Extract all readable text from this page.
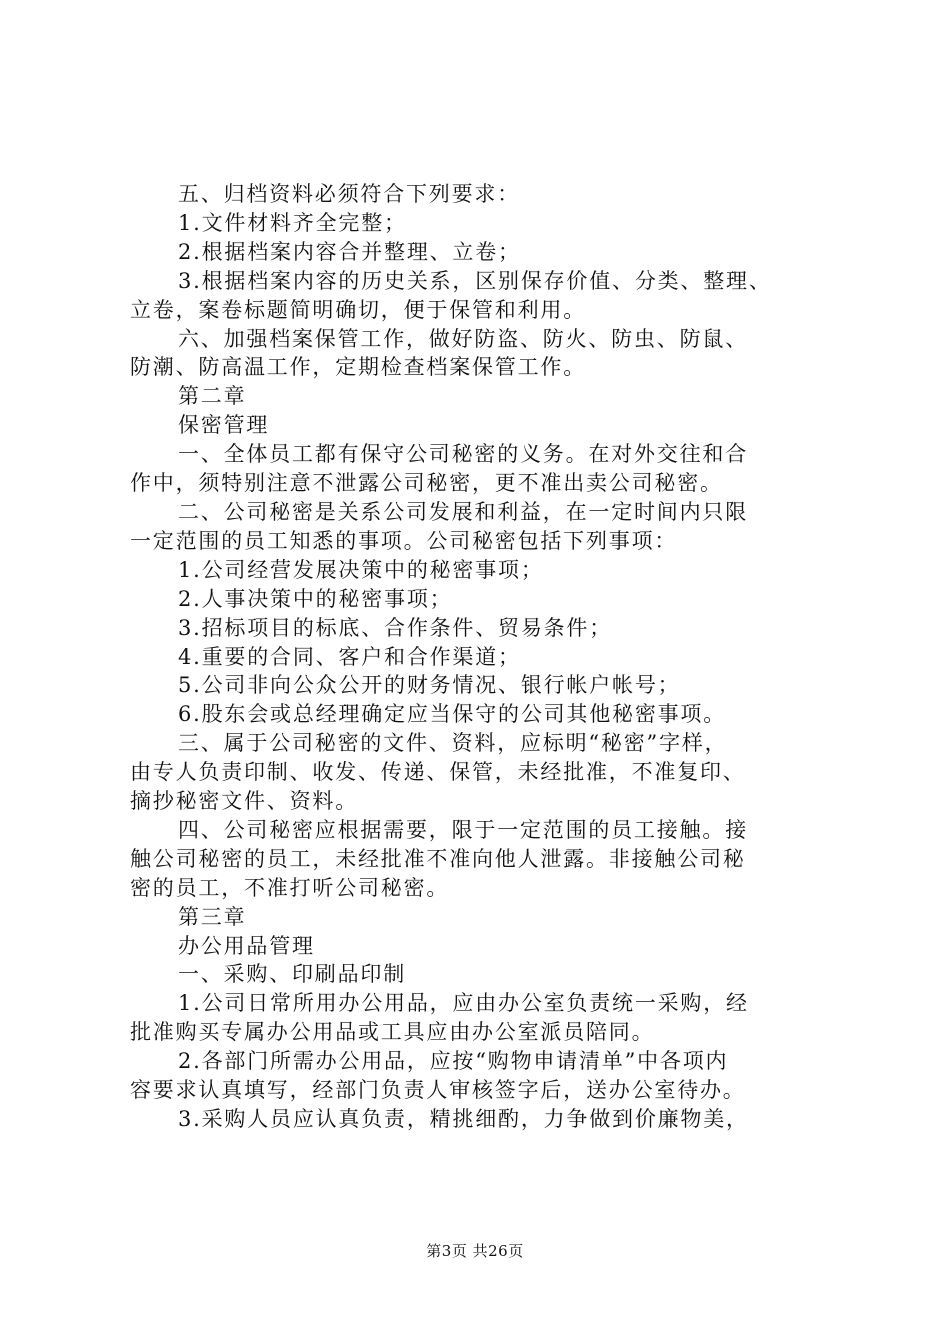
五、归档资料必须符合下列要求：
1.文件材料齐全完整；
2.根据档案内容合并整理、立卷；
3.根据档案内容的历史关系，区别保存价值、分类、整理、
立卷，案卷标题简明确切，便于保管和利用。
六、加强档案保管工作，做好防盗、防火、防虫、防鼠、
防潮、防高温工作，定期检查档案保管工作。
第二章
保密管理
一、全体员工都有保守公司秘密的义务。在对外交往和合
作中，须特别注意不泄露公司秘密，更不准出卖公司秘密。
二、公司秘密是关系公司发展和利益，在一定时间内只限
一定范围的员工知悉的事项。公司秘密包括下列事项：
1.公司经营发展决策中的秘密事项；
2.人事决策中的秘密事项；
3.招标项目的标底、合作条件、贸易条件；
4.重要的合同、客户和合作渠道；
5.公司非向公众公开的财务情况、银行帐户帐号；
6.股东会或总经理确定应当保守的公司其他秘密事项。
三、属于公司秘密的文件、资料，应标明“秘密”字样，
由专人负责印制、收发、传递、保管，未经批准，不准复印、
摘抄秘密文件、资料。
四、公司秘密应根据需要，限于一定范围的员工接触。接
触公司秘密的员工，未经批准不准向他人泄露。非接触公司秘
密的员工，不准打听公司秘密。
第三章
办公用品管理
一、采购、印刷品印制
1.公司日常所用办公用品，应由办公室负责统一采购，经
批准购买专属办公用品或工具应由办公室派员陪同。
2.各部门所需办公用品，应按“购物申请清单”中各项内
容要求认真填写，经部门负责人审核签字后，送办公室待办。
3.采购人员应认真负责，精挑细酌，力争做到价廉物美，
第3页 共26页
